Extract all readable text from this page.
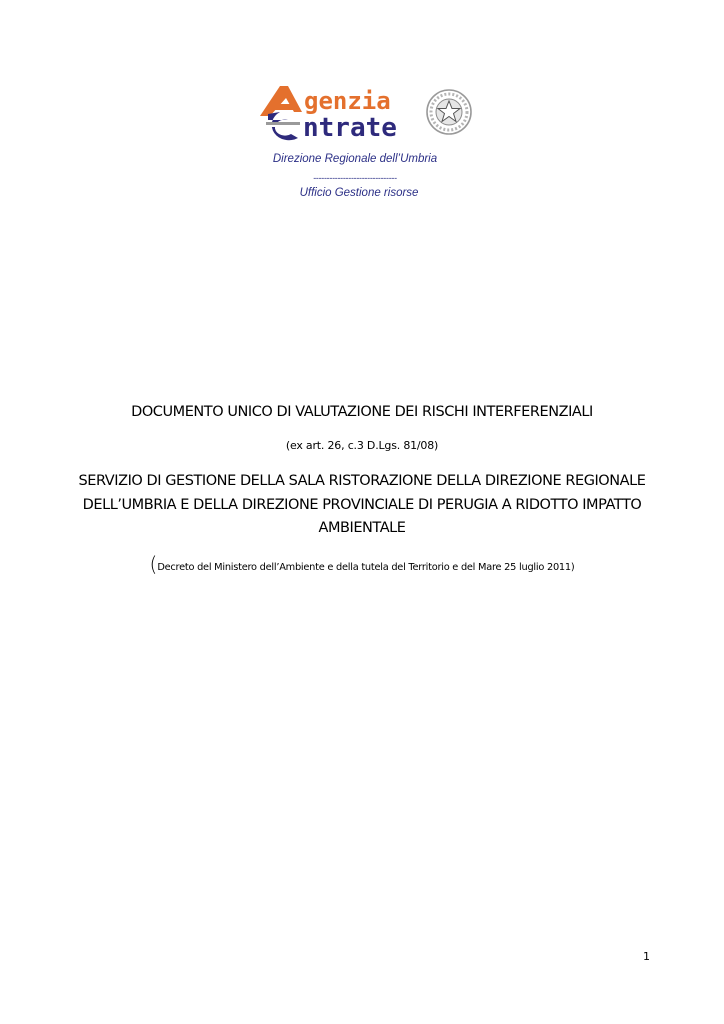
genzia
ntrate

Direzione Regionale dell’Umbria

-------------------------------

Ufficio Gestione risorse

DOCUMENTO UNICO DI VALUTAZIONE DEI RISCHI INTERFERENZIALI

(ex art. 26, c.3 D.Lgs. 81/08)

SERVIZIO DI GESTIONE DELLA SALA RISTORAZIONE DELLA DIREZIONE REGIONALE DELL’UMBRIA E DELLA DIREZIONE PROVINCIALE DI PERUGIA A RIDOTTO IMPATTO AMBIENTALE

(Decreto del Ministero dell’Ambiente e della tutela del Territorio e del Mare 25 luglio 2011)

1
